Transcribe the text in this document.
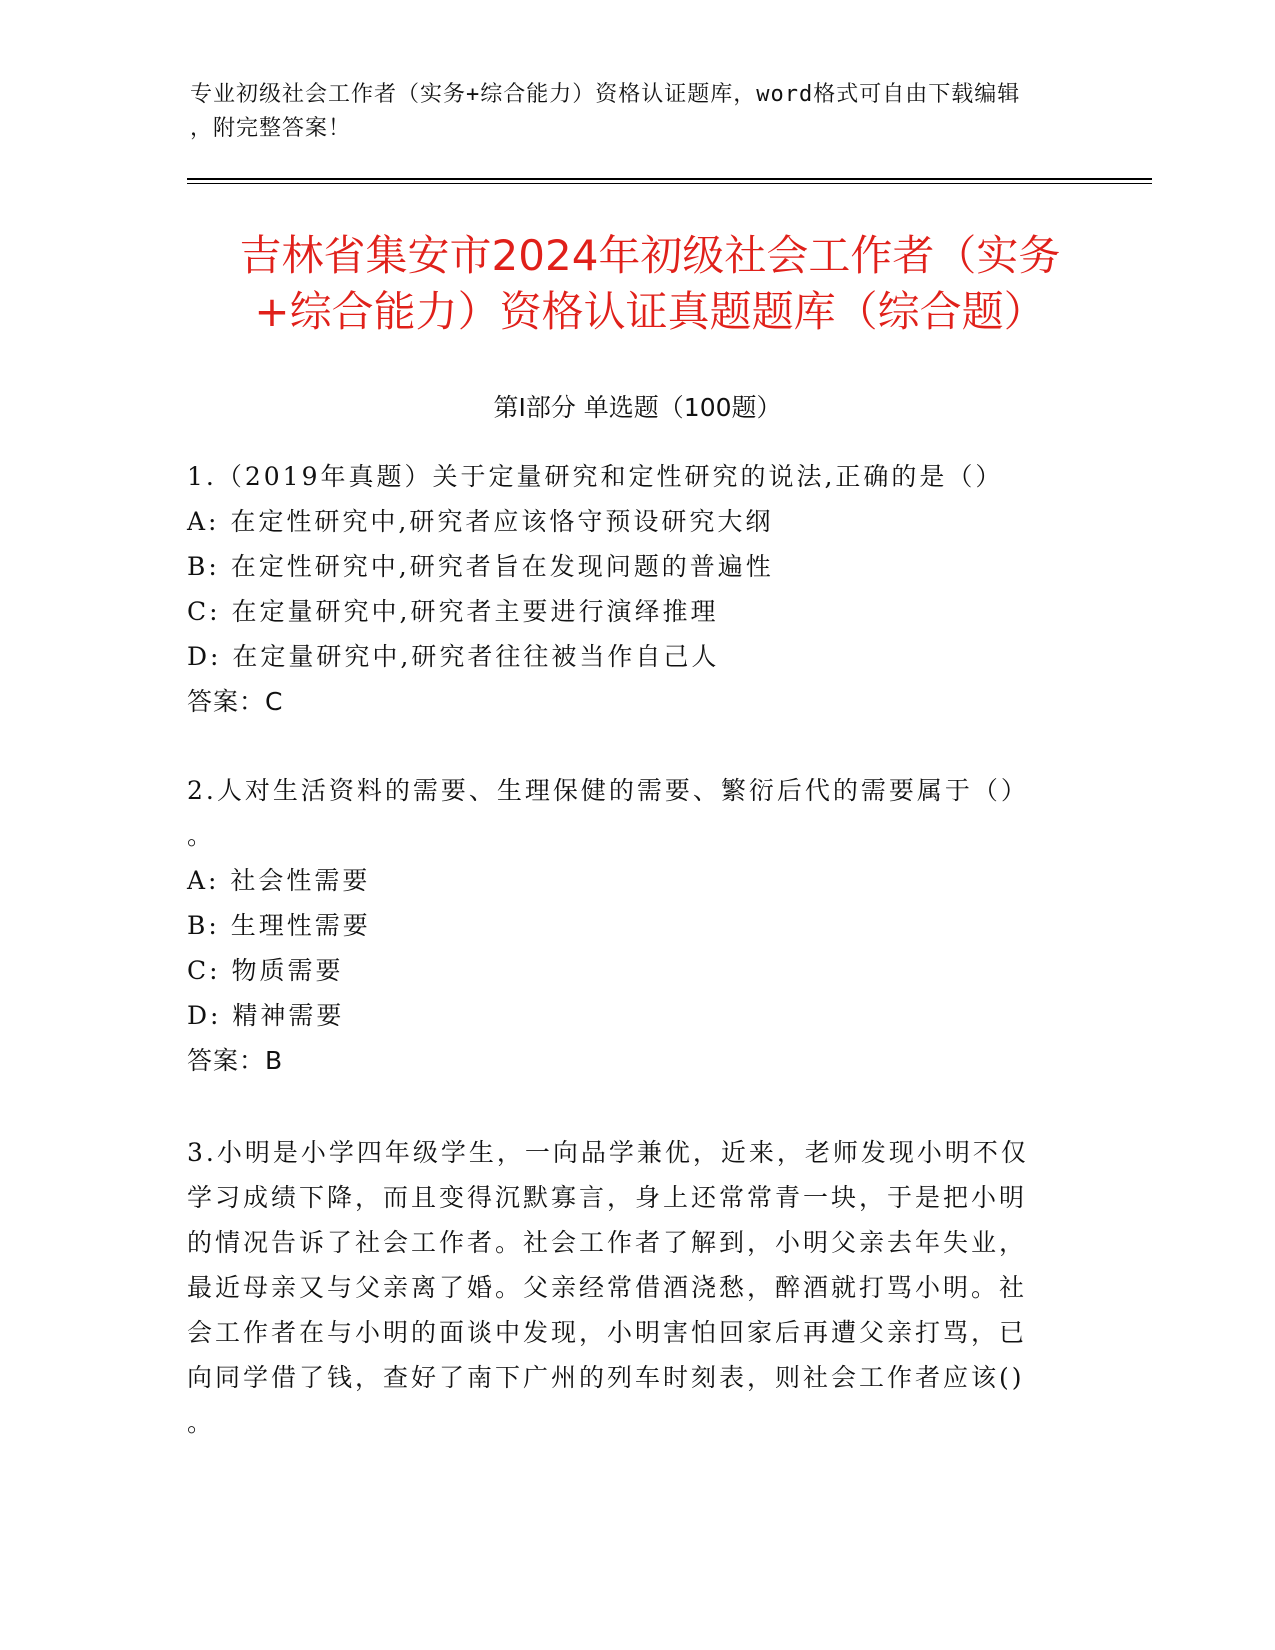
专业初级社会工作者（实务+综合能力）资格认证题库，word格式可自由下载编辑
，附完整答案！
吉林省集安市2024年初级社会工作者（实务
+综合能力）资格认证真题题库（综合题）
第Ⅰ部分 单选题（100题）
1.（2019年真题）关于定量研究和定性研究的说法,正确的是（）
A: 在定性研究中,研究者应该恪守预设研究大纲
B: 在定性研究中,研究者旨在发现问题的普遍性
C: 在定量研究中,研究者主要进行演绎推理
D: 在定量研究中,研究者往往被当作自己人
答案：C
2.人对生活资料的需要、生理保健的需要、繁衍后代的需要属于（）
。
A: 社会性需要
B: 生理性需要
C: 物质需要
D: 精神需要
答案：B
3.小明是小学四年级学生，一向品学兼优，近来，老师发现小明不仅
学习成绩下降，而且变得沉默寡言，身上还常常青一块，于是把小明
的情况告诉了社会工作者。社会工作者了解到，小明父亲去年失业，
最近母亲又与父亲离了婚。父亲经常借酒浇愁，醉酒就打骂小明。社
会工作者在与小明的面谈中发现，小明害怕回家后再遭父亲打骂，已
向同学借了钱，查好了南下广州的列车时刻表，则社会工作者应该()
。
